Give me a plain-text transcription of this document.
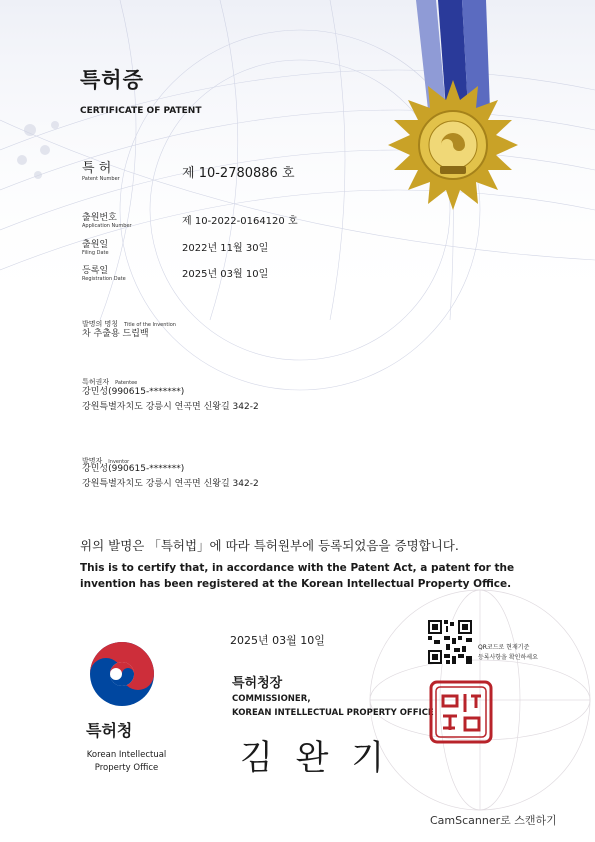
특허증
CERTIFICATE OF PATENT
특 허
Patent Number	제 10-2780886 호
출원번호
Application Number	제 10-2022-0164120 호
출원일
Filing Date	2022년 11월 30일
등록일
Registration Date	2025년 03월 10일
발명의 명칭 Title of the Invention
차 추출용 드립백
특허권자 Patentee
강민성(990615-*******)
강원특별자치도 강릉시 연곡면 신왕길 342-2
발명자 Inventor
강민성(990615-*******)
강원특별자치도 강릉시 연곡면 신왕길 342-2
위의 발명은 「특허법」에 따라 특허원부에 등록되었음을 증명합니다.
This is to certify that, in accordance with the Patent Act, a patent for the
invention has been registered at the Korean Intellectual Property Office.
2025년 03월 10일
QR코드로 현재기준
등록사항을 확인하세요
특허청장
COMMISSIONER,
KOREAN INTELLECTUAL PROPERTY OFFICE
김 완 기
특허청
Korean Intellectual
Property Office
CamScanner로 스캔하기
